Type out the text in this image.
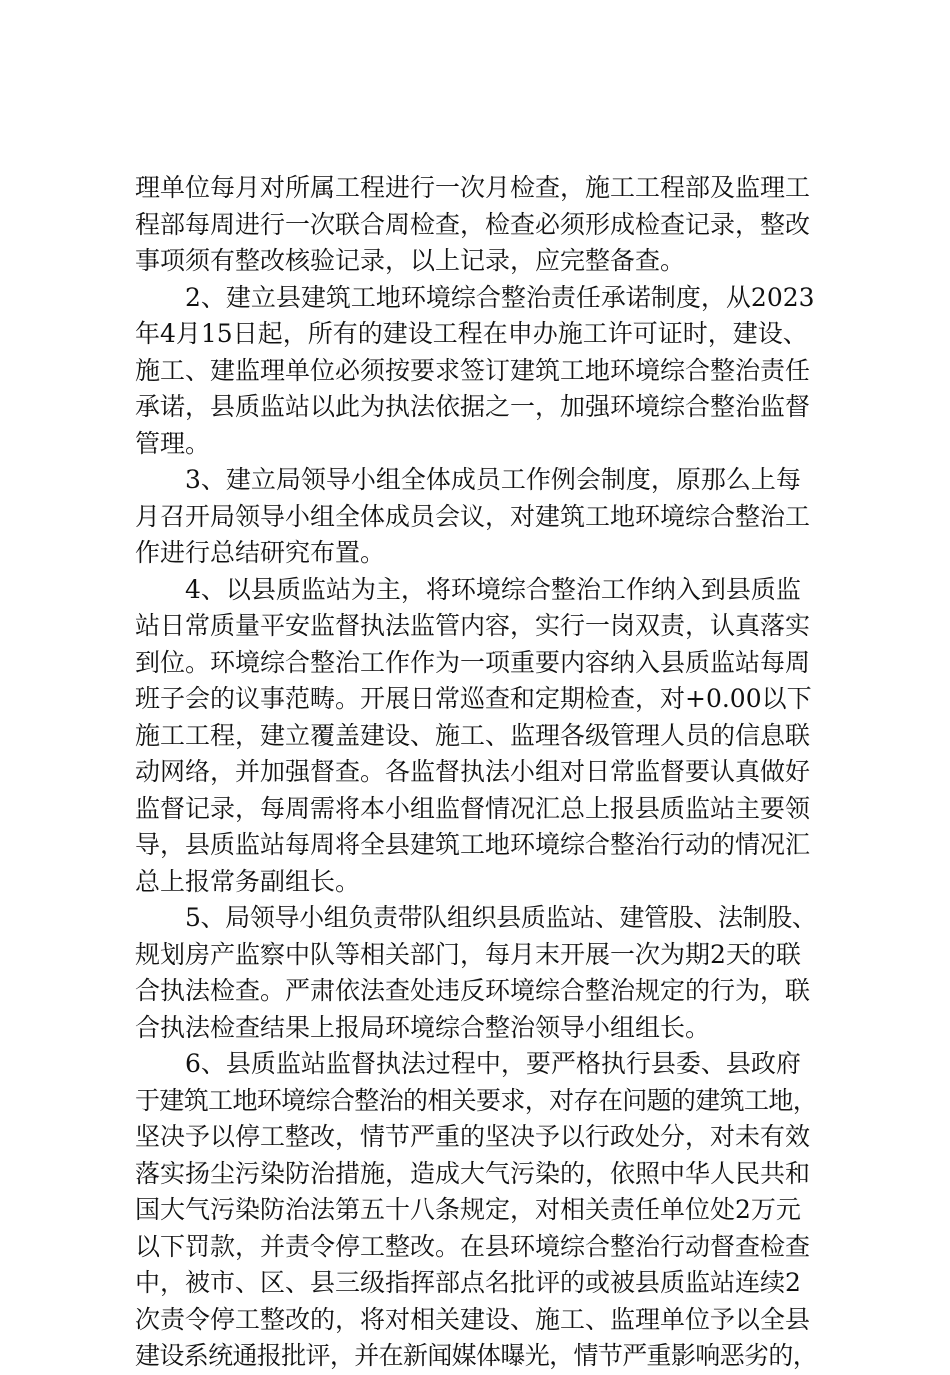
理单位每月对所属工程进行一次月检查，施工工程部及监理工
程部每周进行一次联合周检查，检查必须形成检查记录，整改
事项须有整改核验记录，以上记录，应完整备查。
2、建立县建筑工地环境综合整治责任承诺制度，从2023
年4月15日起，所有的建设工程在申办施工许可证时，建设、
施工、建监理单位必须按要求签订建筑工地环境综合整治责任
承诺，县质监站以此为执法依据之一，加强环境综合整治监督
管理。
3、建立局领导小组全体成员工作例会制度，原那么上每
月召开局领导小组全体成员会议，对建筑工地环境综合整治工
作进行总结研究布置。
4、以县质监站为主，将环境综合整治工作纳入到县质监
站日常质量平安监督执法监管内容，实行一岗双责，认真落实
到位。环境综合整治工作作为一项重要内容纳入县质监站每周
班子会的议事范畴。开展日常巡查和定期检查，对+0.00以下
施工工程，建立覆盖建设、施工、监理各级管理人员的信息联
动网络，并加强督查。各监督执法小组对日常监督要认真做好
监督记录，每周需将本小组监督情况汇总上报县质监站主要领
导，县质监站每周将全县建筑工地环境综合整治行动的情况汇
总上报常务副组长。
5、局领导小组负责带队组织县质监站、建管股、法制股、
规划房产监察中队等相关部门，每月末开展一次为期2天的联
合执法检查。严肃依法查处违反环境综合整治规定的行为，联
合执法检查结果上报局环境综合整治领导小组组长。
6、县质监站监督执法过程中，要严格执行县委、县政府
于建筑工地环境综合整治的相关要求，对存在问题的建筑工地，
坚决予以停工整改，情节严重的坚决予以行政处分，对未有效
落实扬尘污染防治措施，造成大气污染的，依照中华人民共和
国大气污染防治法第五十八条规定，对相关责任单位处2万元
以下罚款，并责令停工整改。在县环境综合整治行动督查检查
中，被市、区、县三级指挥部点名批评的或被县质监站连续2
次责令停工整改的，将对相关建设、施工、监理单位予以全县
建设系统通报批评，并在新闻媒体曝光，情节严重影响恶劣的，
